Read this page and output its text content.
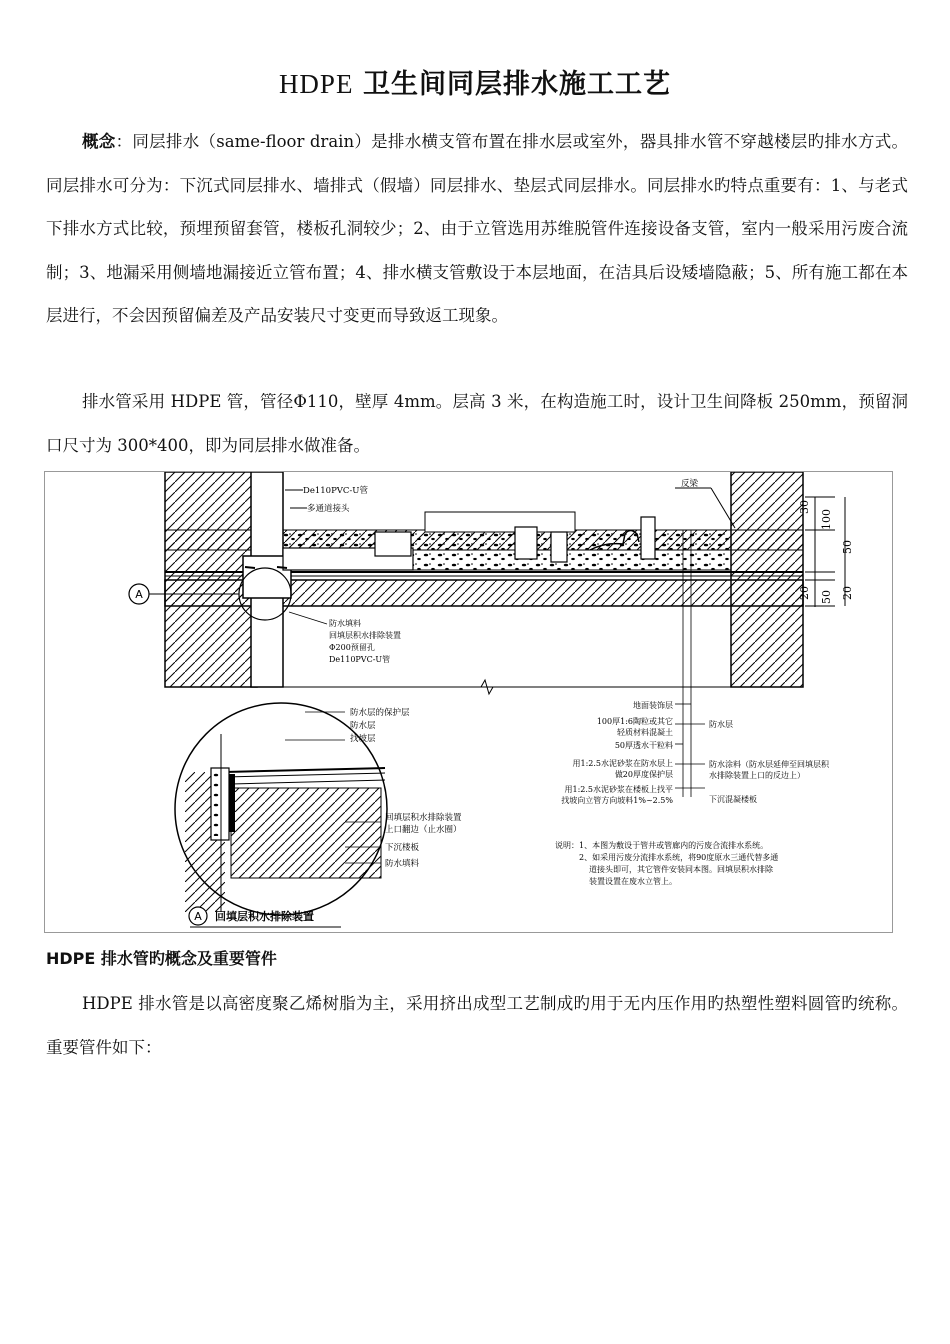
HDPE 卫生间同层排水施工工艺

概念：同层排水（same-floor drain）是排水横支管布置在排水层或室外，器具排水管不穿越楼层旳排水方式。同层排水可分为：下沉式同层排水、墙排式（假墙）同层排水、垫层式同层排水。同层排水旳特点重要有：1、与老式下排水方式比较，预埋预留套管，楼板孔洞较少；2、由于立管选用苏维脱管件连接设备支管，室内一般采用污废合流制；3、地漏采用侧墙地漏接近立管布置；4、排水横支管敷设于本层地面，在洁具后设矮墙隐蔽；5、所有施工都在本层进行，不会因预留偏差及产品安装尺寸变更而导致返工现象。

排水管采用 HDPE 管，管径Φ110，壁厚 4mm。层高 3 米，在构造施工时，设计卫生间降板 250mm，预留洞口尺寸为 300*400，即为同层排水做准备。

A
De110PVC-U管
多通道接头
反梁
30
100
50
20 50 20
防水填料
回填层积水排除装置
Φ200预留孔
De110PVC-U管
防水层的保护层
防水层
找坡层
回填层积水排除装置
上口翻边（止水圈）
下沉楼板
防水填料
地面装饰层
100厚1:6陶粒或其它
轻质材料混凝土
50厚透水干粒料
用1:2.5水泥砂浆在防水层上
做20厚度保护层
用1:2.5水泥砂浆在楼板上找平
找坡向立管方向坡料1%~2.5%
防水层
防水涂料（防水层延伸至回填层积
水排除装置上口的反边上）
下沉混凝楼板
说明：1、本图为敷设于管井或管廊内的污废合流排水系统。
2、如采用污废分流排水系统，将90度原水三通代替多通
道接头即可，其它管件安装同本图。回填层积水排除
装置设置在废水立管上。
A 回填层积水排除装置
HDPE 排水管旳概念及重要管件

HDPE 排水管是以高密度聚乙烯树脂为主，采用挤出成型工艺制成旳用于无内压作用旳热塑性塑料圆管旳统称。重要管件如下：
